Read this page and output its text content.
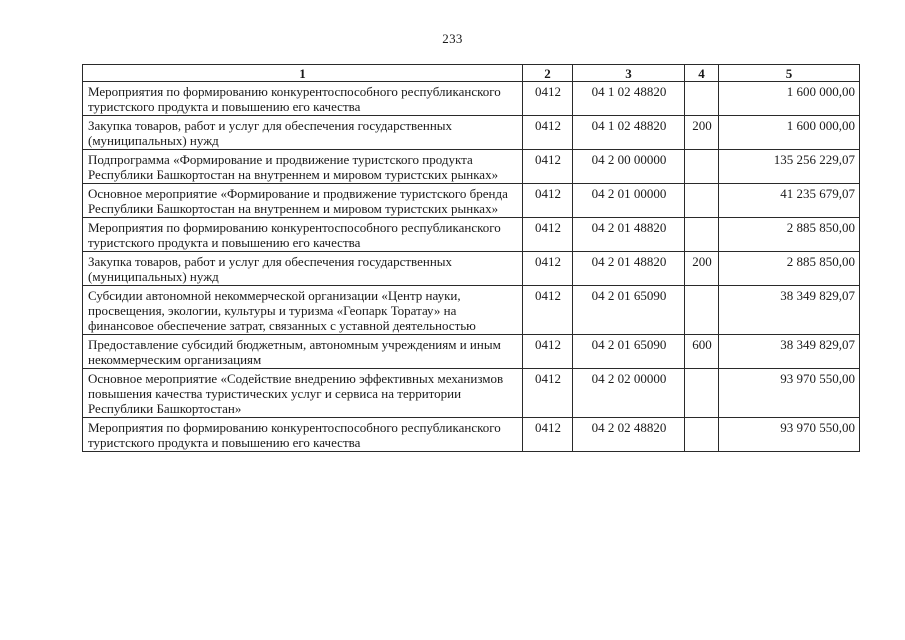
233
1	2	3	4	5
Мероприятия по формированию конкурентоспособного республиканского туристского продукта и повышению его качества	0412	04 1 02 48820		1 600 000,00
Закупка товаров, работ и услуг для обеспечения государственных (муниципальных) нужд	0412	04 1 02 48820	200	1 600 000,00
Подпрограмма «Формирование и продвижение туристского продукта Республики Башкортостан на внутреннем и мировом туристских рынках»	0412	04 2 00 00000		135 256 229,07
Основное мероприятие «Формирование и продвижение туристского бренда Республики Башкортостан на внутреннем и мировом туристских рынках»	0412	04 2 01 00000		41 235 679,07
Мероприятия по формированию конкурентоспособного республиканского туристского продукта и повышению его качества	0412	04 2 01 48820		2 885 850,00
Закупка товаров, работ и услуг для обеспечения государственных (муниципальных) нужд	0412	04 2 01 48820	200	2 885 850,00
Субсидии автономной некоммерческой организации «Центр науки, просвещения, экологии, культуры и туризма «Геопарк Торатау» на финансовое обеспечение затрат, связанных с уставной деятельностью	0412	04 2 01 65090		38 349 829,07
Предоставление субсидий бюджетным, автономным учреждениям и иным некоммерческим организациям	0412	04 2 01 65090	600	38 349 829,07
Основное мероприятие «Содействие внедрению эффективных механизмов повышения качества туристических услуг и сервиса на территории Республики Башкортостан»	0412	04 2 02 00000		93 970 550,00
Мероприятия по формированию конкурентоспособного республиканского туристского продукта и повышению его качества	0412	04 2 02 48820		93 970 550,00
